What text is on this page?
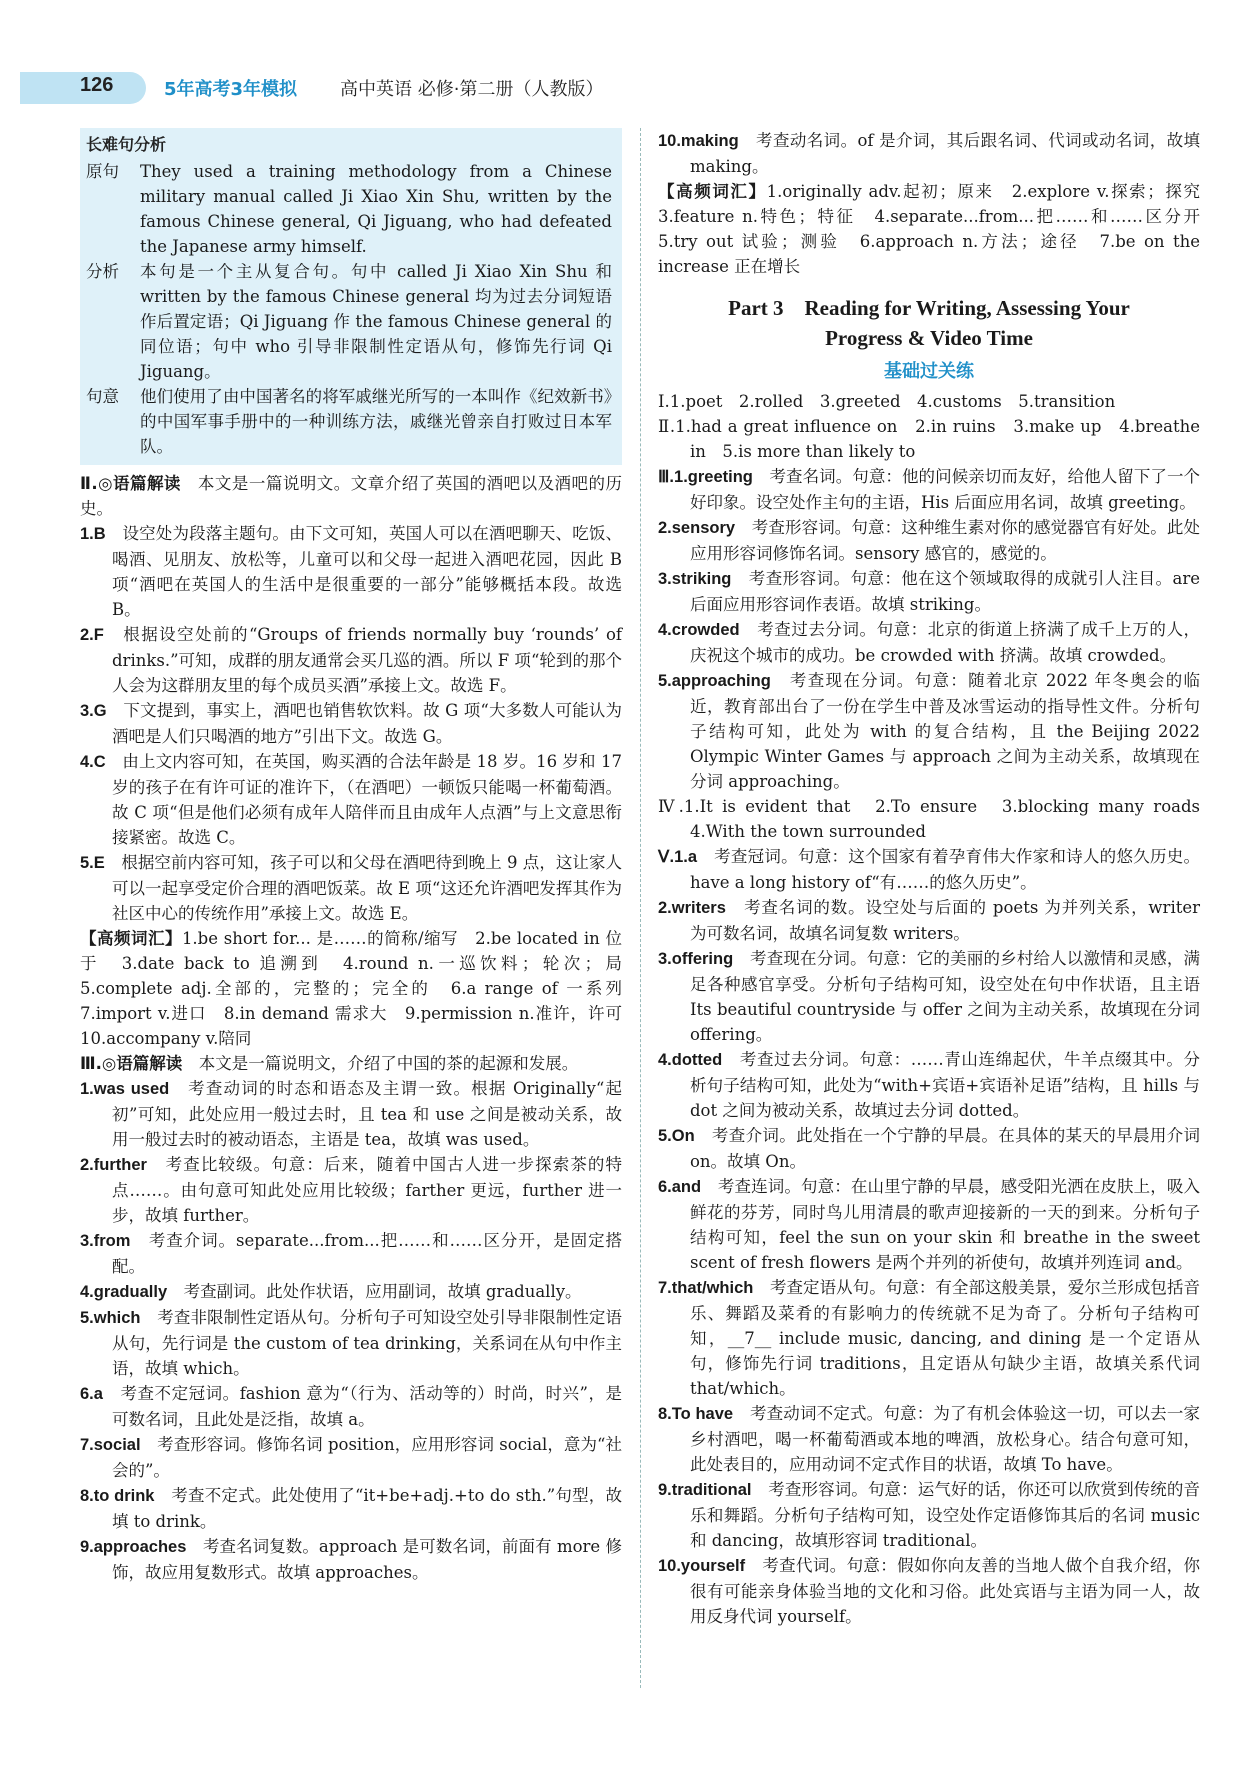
126	5年高考3年模拟 高中英语 必修·第二册（人教版）
长难句分析
原句	They used a training methodology from a Chinese military manual called Ji Xiao Xin Shu, written by the famous Chinese general, Qi Jiguang, who had defeated the Japanese army himself.
分析	本句是一个主从复合句。句中 called Ji Xiao Xin Shu 和 written by the famous Chinese general 均为过去分词短语作后置定语；Qi Jiguang 作 the famous Chinese general 的同位语；句中 who 引导非限制性定语从句，修饰先行词 Qi Jiguang。
句意	他们使用了由中国著名的将军戚继光所写的一本叫作《纪效新书》的中国军事手册中的一种训练方法，戚继光曾亲自打败过日本军队。

Ⅱ.◎语篇解读　 本文是一篇说明文。文章介绍了英国的酒吧以及酒吧的历史。

1.B　 设空处为段落主题句。由下文可知，英国人可以在酒吧聊天、吃饭、喝酒、见朋友、放松等，儿童可以和父母一起进入酒吧花园，因此 B 项“酒吧在英国人的生活中是很重要的一部分”能够概括本段。故选 B。

2.F　 根据设空处前的“Groups of friends normally buy ‘rounds’ of drinks.”可知，成群的朋友通常会买几巡的酒。所以 F 项“轮到的那个人会为这群朋友里的每个成员买酒”承接上文。故选 F。

3.G　 下文提到，事实上，酒吧也销售软饮料。故 G 项“大多数人可能认为酒吧是人们只喝酒的地方”引出下文。故选 G。

4.C　 由上文内容可知，在英国，购买酒的合法年龄是 18 岁。16 岁和 17 岁的孩子在有许可证的准许下，（在酒吧）一顿饭只能喝一杯葡萄酒。故 C 项“但是他们必须有成年人陪伴而且由成年人点酒”与上文意思衔接紧密。故选 C。

5.E　 根据空前内容可知，孩子可以和父母在酒吧待到晚上 9 点，这让家人可以一起享受定价合理的酒吧饭菜。故 E 项“这还允许酒吧发挥其作为社区中心的传统作用”承接上文。故选 E。

【高频词汇】1.be short for... 是……的简称/缩写　2.be located in 位于　3.date back to 追溯到　4.round n.一巡饮料；轮次；局　5.complete adj.全部的，完整的；完全的　6.a range of 一系列　7.import v.进口　8.in demand 需求大　9.permission n.准许，许可　10.accompany v.陪同

Ⅲ.◎语篇解读　 本文是一篇说明文，介绍了中国的茶的起源和发展。

1.was used　 考查动词的时态和语态及主谓一致。根据 Originally“起初”可知，此处应用一般过去时，且 tea 和 use 之间是被动关系，故用一般过去时的被动语态，主语是 tea，故填 was used。

2.further　 考查比较级。句意：后来，随着中国古人进一步探索茶的特点……。由句意可知此处应用比较级；farther 更远，further 进一步，故填 further。

3.from　 考查介词。separate...from...把……和……区分开，是固定搭配。

4.gradually　 考查副词。此处作状语，应用副词，故填 gradually。

5.which　 考查非限制性定语从句。分析句子可知设空处引导非限制性定语从句，先行词是 the custom of tea drinking，关系词在从句中作主语，故填 which。

6.a　 考查不定冠词。fashion 意为“（行为、活动等的）时尚，时兴”，是可数名词，且此处是泛指，故填 a。

7.social　 考查形容词。修饰名词 position，应用形容词 social，意为“社会的”。

8.to drink　 考查不定式。此处使用了“it+be+adj.+to do sth.”句型，故填 to drink。

9.approaches　 考查名词复数。approach 是可数名词，前面有 more 修饰，故应用复数形式。故填 approaches。

10.making　 考查动名词。of 是介词，其后跟名词、代词或动名词，故填 making。

【高频词汇】1.originally adv.起初；原来　2.explore v.探索；探究　3.feature n.特色；特征　4.separate...from...把……和……区分开　5.try out 试验；测验　6.approach n.方法；途径　7.be on the increase 正在增长

Part 3　Reading for Writing, Assessing Your
Progress & Video Time
基础过关练

Ⅰ.1.poet　2.rolled　3.greeted　4.customs　5.transition

Ⅱ.1.had a great influence on　2.in ruins　3.make up　4.breathe in　5.is more than likely to

Ⅲ.1.greeting　 考查名词。句意：他的问候亲切而友好，给他人留下了一个好印象。设空处作主句的主语，His 后面应用名词，故填 greeting。

2.sensory　 考查形容词。句意：这种维生素对你的感觉器官有好处。此处应用形容词修饰名词。sensory 感官的，感觉的。

3.striking　 考查形容词。句意：他在这个领域取得的成就引人注目。are 后面应用形容词作表语。故填 striking。

4.crowded　 考查过去分词。句意：北京的街道上挤满了成千上万的人，庆祝这个城市的成功。be crowded with 挤满。故填 crowded。

5.approaching　 考查现在分词。句意：随着北京 2022 年冬奥会的临近，教育部出台了一份在学生中普及冰雪运动的指导性文件。分析句子结构可知，此处为 with 的复合结构，且 the Beijing 2022 Olympic Winter Games 与 approach 之间为主动关系，故填现在分词 approaching。

Ⅳ.1.It is evident that　2.To ensure　3.blocking many roads　4.With the town surrounded

Ⅴ.1.a　 考查冠词。句意：这个国家有着孕育伟大作家和诗人的悠久历史。have a long history of“有……的悠久历史”。

2.writers　 考查名词的数。设空处与后面的 poets 为并列关系，writer 为可数名词，故填名词复数 writers。

3.offering　 考查现在分词。句意：它的美丽的乡村给人以激情和灵感，满足各种感官享受。分析句子结构可知，设空处在句中作状语，且主语 Its beautiful countryside 与 offer 之间为主动关系，故填现在分词 offering。

4.dotted　 考查过去分词。句意：……青山连绵起伏，牛羊点缀其中。分析句子结构可知，此处为“with+宾语+宾语补足语”结构，且 hills 与 dot 之间为被动关系，故填过去分词 dotted。

5.On　 考查介词。此处指在一个宁静的早晨。在具体的某天的早晨用介词 on。故填 On。

6.and　 考查连词。句意：在山里宁静的早晨，感受阳光洒在皮肤上，吸入鲜花的芬芳，同时鸟儿用清晨的歌声迎接新的一天的到来。分析句子结构可知，feel the sun on your skin 和 breathe in the sweet scent of fresh flowers 是两个并列的祈使句，故填并列连词 and。

7.that/which　 考查定语从句。句意：有全部这般美景，爱尔兰形成包括音乐、舞蹈及菜肴的有影响力的传统就不足为奇了。分析句子结构可知，__7__ include music, dancing, and dining 是一个定语从句，修饰先行词 traditions，且定语从句缺少主语，故填关系代词 that/which。

8.To have　 考查动词不定式。句意：为了有机会体验这一切，可以去一家乡村酒吧，喝一杯葡萄酒或本地的啤酒，放松身心。结合句意可知，此处表目的，应用动词不定式作目的状语，故填 To have。

9.traditional　 考查形容词。句意：运气好的话，你还可以欣赏到传统的音乐和舞蹈。分析句子结构可知，设空处作定语修饰其后的名词 music 和 dancing，故填形容词 traditional。

10.yourself　 考查代词。句意：假如你向友善的当地人做个自我介绍，你很有可能亲身体验当地的文化和习俗。此处宾语与主语为同一人，故用反身代词 yourself。
